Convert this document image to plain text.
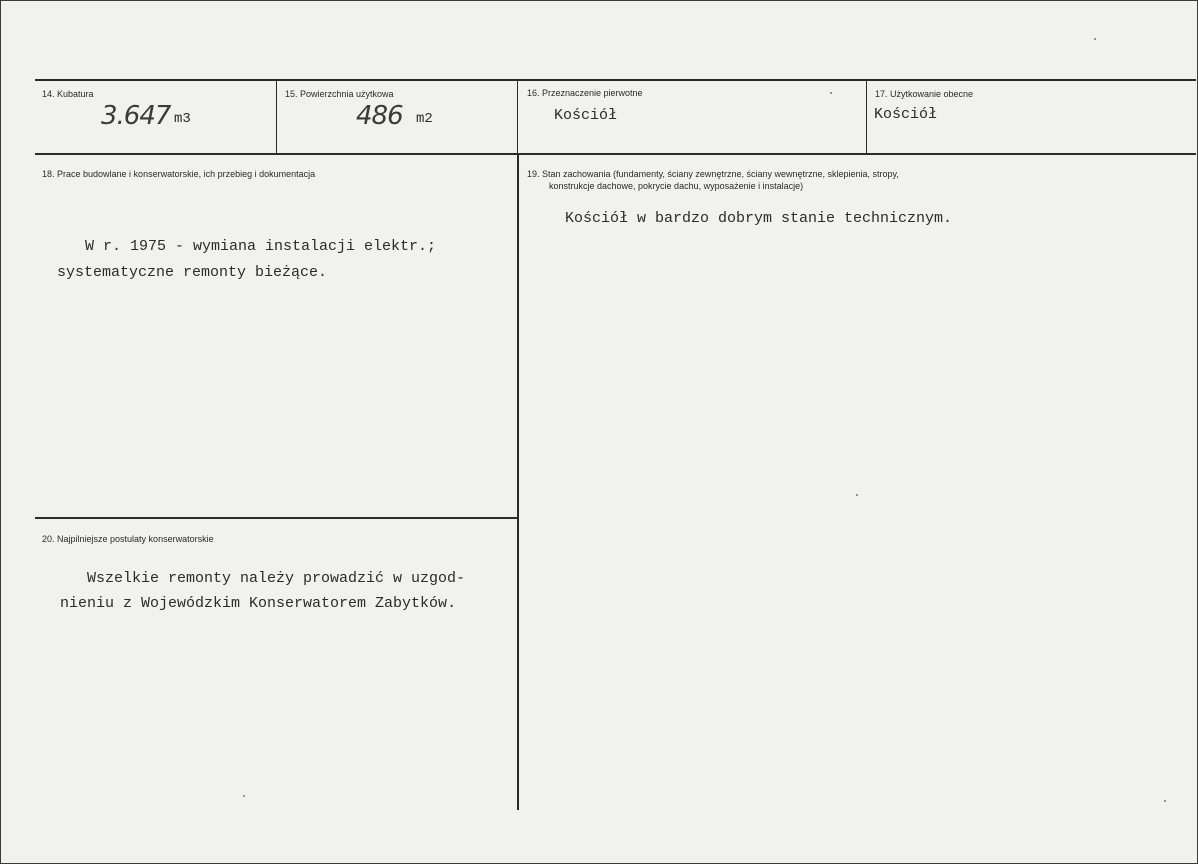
14. Kubatura
3.647 m3
15. Powierzchnia użytkowa
486 m2
16. Przeznaczenie pierwotne
Kościół
17. Użytkowanie obecne
Kościół
18. Prace budowlane i konserwatorskie, ich przebieg i dokumentacja
W r. 1975 - wymiana instalacji elektr.;
systematyczne remonty bieżące.
19. Stan zachowania (fundamenty, ściany zewnętrzne, ściany wewnętrzne, sklepienia, stropy,
konstrukcje dachowe, pokrycie dachu, wyposażenie i instalacje)
Kościół w bardzo dobrym stanie technicznym.
20. Najpilniejsze postulaty konserwatorskie
Wszelkie remonty należy prowadzić w uzgod-
nieniu z Wojewódzkim Konserwatorem Zabytków.
